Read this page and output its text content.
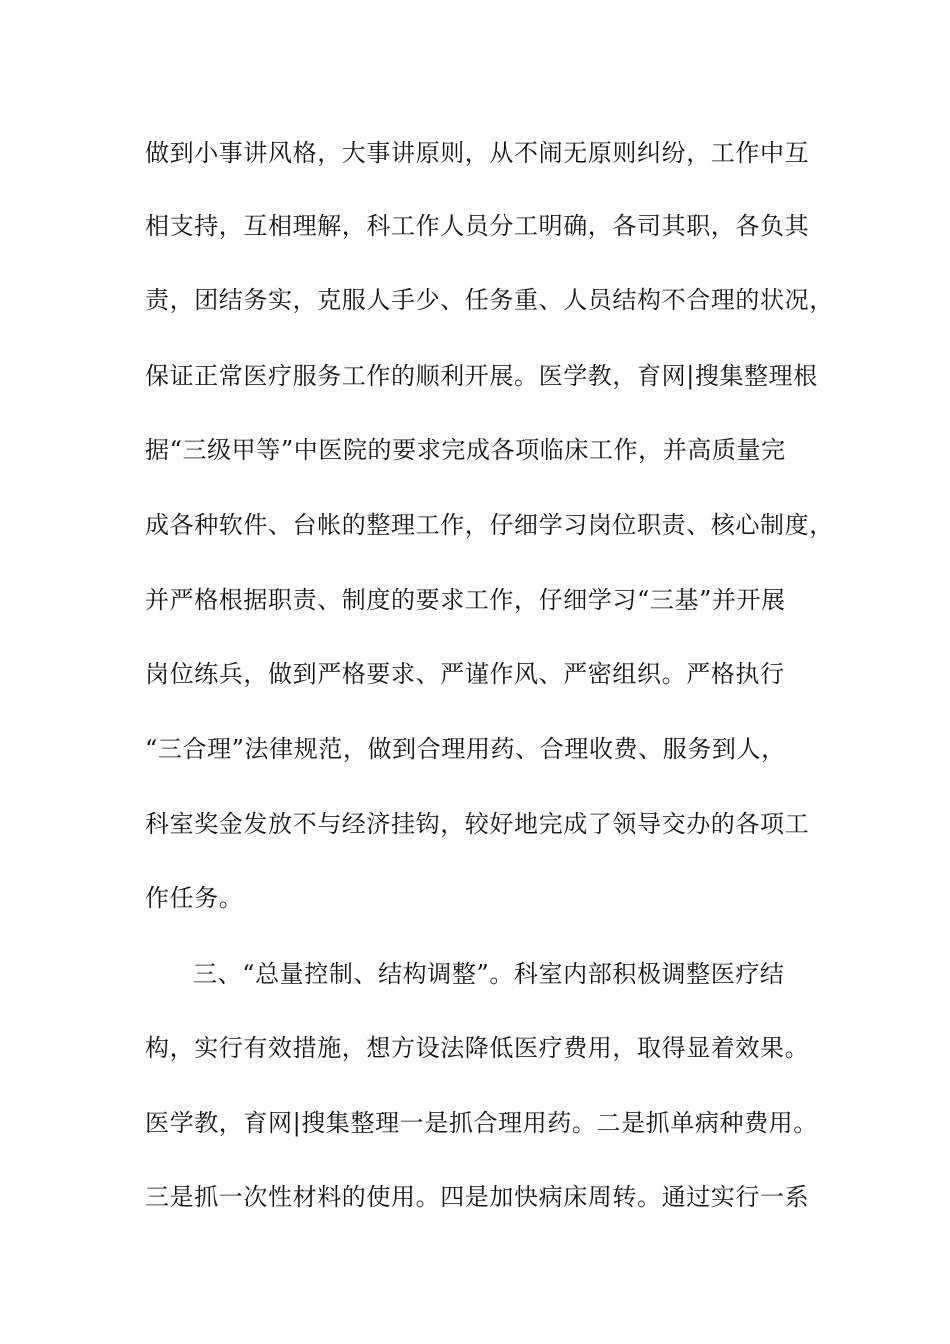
做到小事讲风格，大事讲原则，从不闹无原则纠纷，工作中互
相支持，互相理解，科工作人员分工明确，各司其职，各负其
责，团结务实，克服人手少、任务重、人员结构不合理的状况，
保证正常医疗服务工作的顺利开展。医学教，育网|搜集整理根
据“三级甲等”中医院的要求完成各项临床工作，并高质量完
成各种软件、台帐的整理工作，仔细学习岗位职责、核心制度，
并严格根据职责、制度的要求工作，仔细学习“三基”并开展
岗位练兵，做到严格要求、严谨作风、严密组织。严格执行
“三合理”法律规范，做到合理用药、合理收费、服务到人，
科室奖金发放不与经济挂钩，较好地完成了领导交办的各项工
作任务。
三、“总量控制、结构调整”。科室内部积极调整医疗结
构，实行有效措施，想方设法降低医疗费用，取得显着效果。
医学教，育网|搜集整理一是抓合理用药。二是抓单病种费用。
三是抓一次性材料的使用。四是加快病床周转。通过实行一系
